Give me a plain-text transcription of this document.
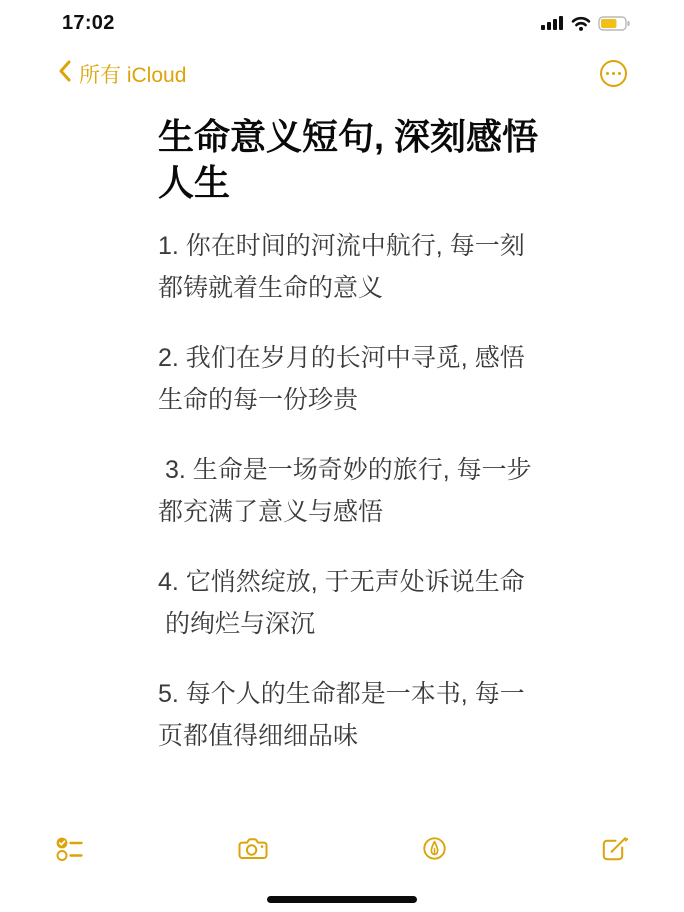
17:02
所有 iCloud
生命意义短句, 深刻感悟
人生

1. 你在时间的河流中航行, 每一刻
都铸就着生命的意义

2. 我们在岁月的长河中寻觅, 感悟
生命的每一份珍贵

3. 生命是一场奇妙的旅行, 每一步
都充满了意义与感悟

4. 它悄然绽放, 于无声处诉说生命
的绚烂与深沉

5. 每个人的生命都是一本书, 每一
页都值得细细品味
